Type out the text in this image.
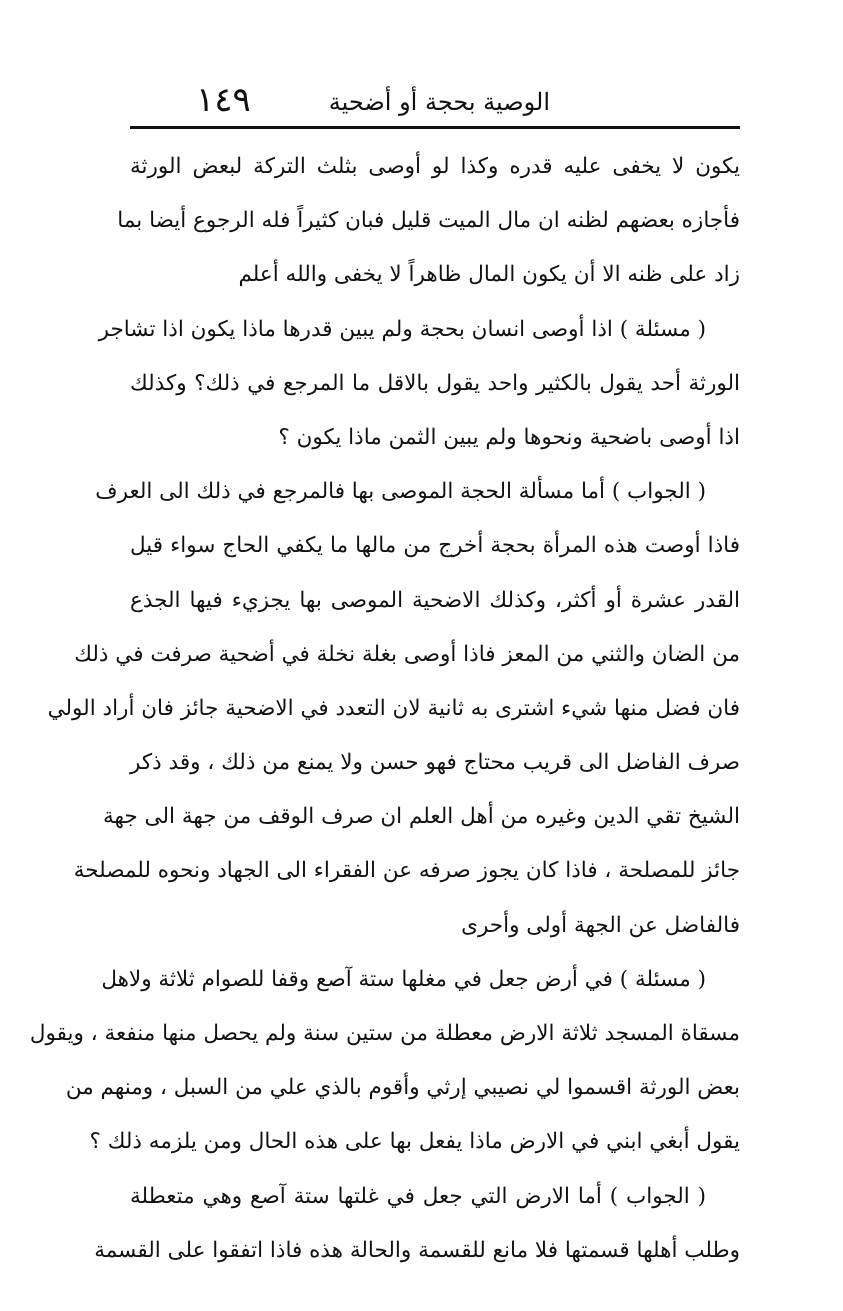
١٤٩	الوصية بحجة أو أضحية
يكون لا يخفى عليه قدره وكذا لو أوصى بثلث التركة لبعض الورثة
فأجازه بعضهم لظنه ان مال الميت قليل فبان كثيراً فله الرجوع أيضا بما
زاد على ظنه الا أن يكون المال ظاهراً لا يخفى والله أعلم
( مسئلة ) اذا أوصى انسان بحجة ولم يبين قدرها ماذا يكون اذا تشاجر
الورثة أحد يقول بالكثير واحد يقول بالاقل ما المرجع في ذلك؟ وكذلك
اذا أوصى باضحية ونحوها ولم يبين الثمن ماذا يكون ؟
( الجواب ) أما مسألة الحجة الموصى بها فالمرجع في ذلك الى العرف
فاذا أوصت هذه المرأة بحجة أخرج من مالها ما يكفي الحاج سواء قيل
القدر عشرة أو أكثر، وكذلك الاضحية الموصى بها يجزيء فيها الجذع
من الضان والثني من المعز فاذا أوصى بغلة نخلة في أضحية صرفت في ذلك
فان فضل منها شيء اشترى به ثانية لان التعدد في الاضحية جائز فان أراد الولي
صرف الفاضل الى قريب محتاج فهو حسن ولا يمنع من ذلك ، وقد ذكر
الشيخ تقي الدين وغيره من أهل العلم ان صرف الوقف من جهة الى جهة
جائز للمصلحة ، فاذا كان يجوز صرفه عن الفقراء الى الجهاد ونحوه للمصلحة
فالفاضل عن الجهة أولى وأحرى
( مسئلة ) في أرض جعل في مغلها ستة آصع وقفا للصوام ثلاثة ولاهل
مسقاة المسجد ثلاثة الارض معطلة من ستين سنة ولم يحصل منها منفعة ، ويقول
بعض الورثة اقسموا لي نصيبي إرثي وأقوم بالذي علي من السبل ، ومنهم من
يقول أبغي ابني في الارض ماذا يفعل بها على هذه الحال ومن يلزمه ذلك ؟
( الجواب ) أما الارض التي جعل في غلتها ستة آصع وهي متعطلة
وطلب أهلها قسمتها فلا مانع للقسمة والحالة هذه فاذا اتفقوا على القسمة
